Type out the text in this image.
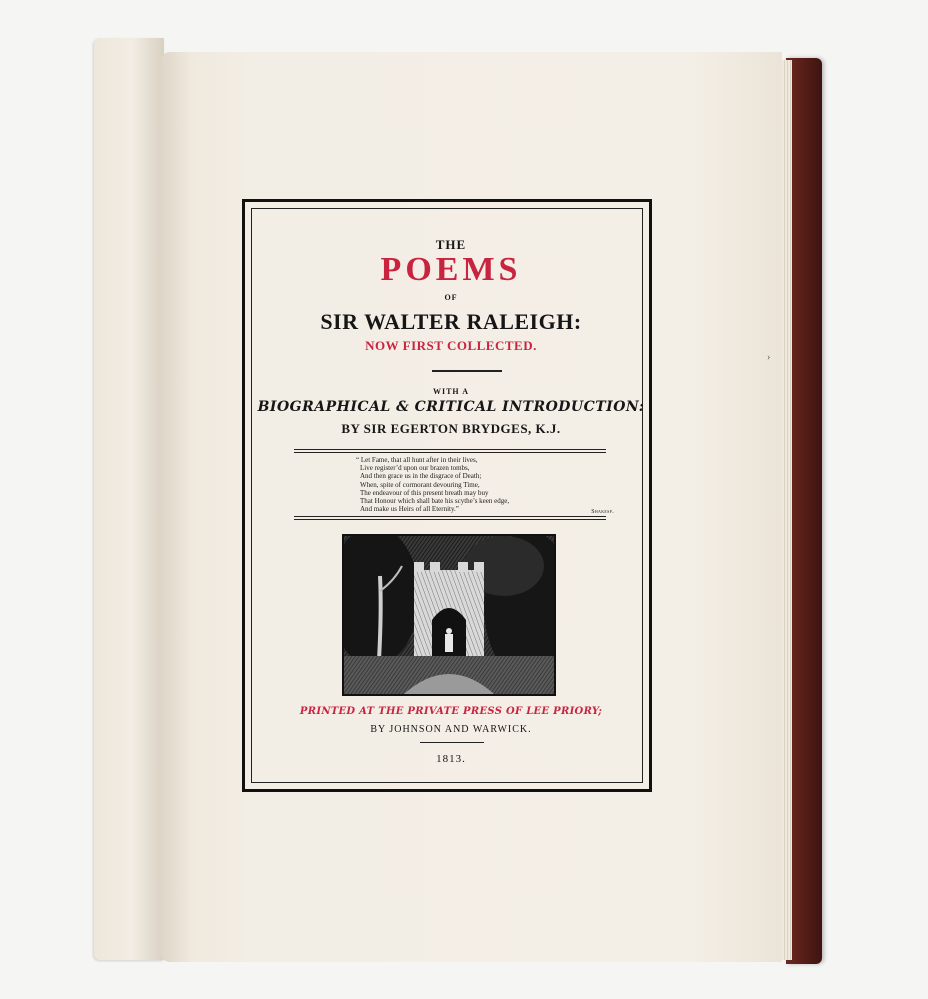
›
THE
POEMS
OF
SIR WALTER RALEIGH:
NOW FIRST COLLECTED.
WITH A
BIOGRAPHICAL & CRITICAL INTRODUCTION:
BY SIR EGERTON BRYDGES, K.J.
“ Let Fame, that all hunt after in their lives,
Live register’d upon our brazen tombs,
And then grace us in the disgrace of Death;
When, spite of cormorant devouring Time,
The endeavour of this present breath may buy
That Honour which shall bate his scythe’s keen edge,
And make us Heirs of all Eternity.”	Shakesp.
PRINTED AT THE PRIVATE PRESS OF LEE PRIORY;
BY JOHNSON AND WARWICK.
1813.
